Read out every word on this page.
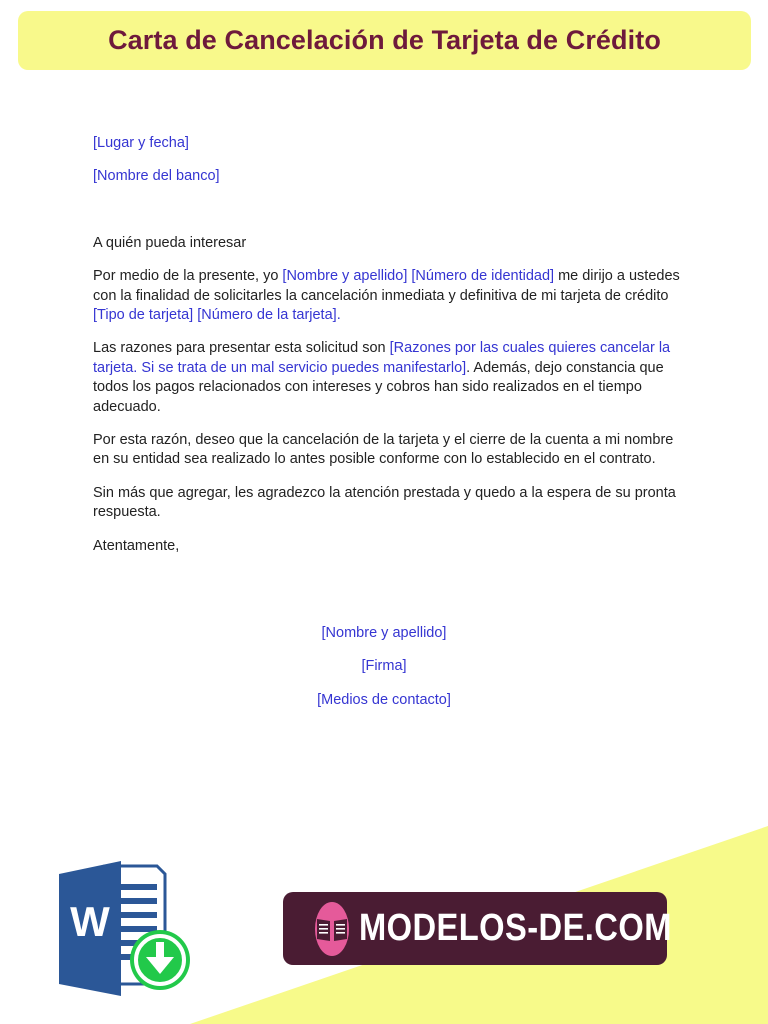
Carta de Cancelación de Tarjeta de Crédito

[Lugar y fecha]

[Nombre del banco]

A quién pueda interesar

Por medio de la presente, yo [Nombre y apellido] [Número de identidad] me dirijo a ustedes con la finalidad de solicitarles la cancelación inmediata y definitiva de mi tarjeta de crédito [Tipo de tarjeta] [Número de la tarjeta].

Las razones para presentar esta solicitud son [Razones por las cuales quieres cancelar la tarjeta. Si se trata de un mal servicio puedes manifestarlo]. Además, dejo constancia que todos los pagos relacionados con intereses y cobros han sido realizados en el tiempo adecuado.

Por esta razón, deseo que la cancelación de la tarjeta y el cierre de la cuenta a mi nombre en su entidad sea realizado lo antes posible conforme con lo establecido en el contrato.

Sin más que agregar, les agradezco la atención prestada y quedo a la espera de su pronta respuesta.

Atentamente,

[Nombre y apellido]

[Firma]

[Medios de contacto]

W	MODELOS-DE.COM
